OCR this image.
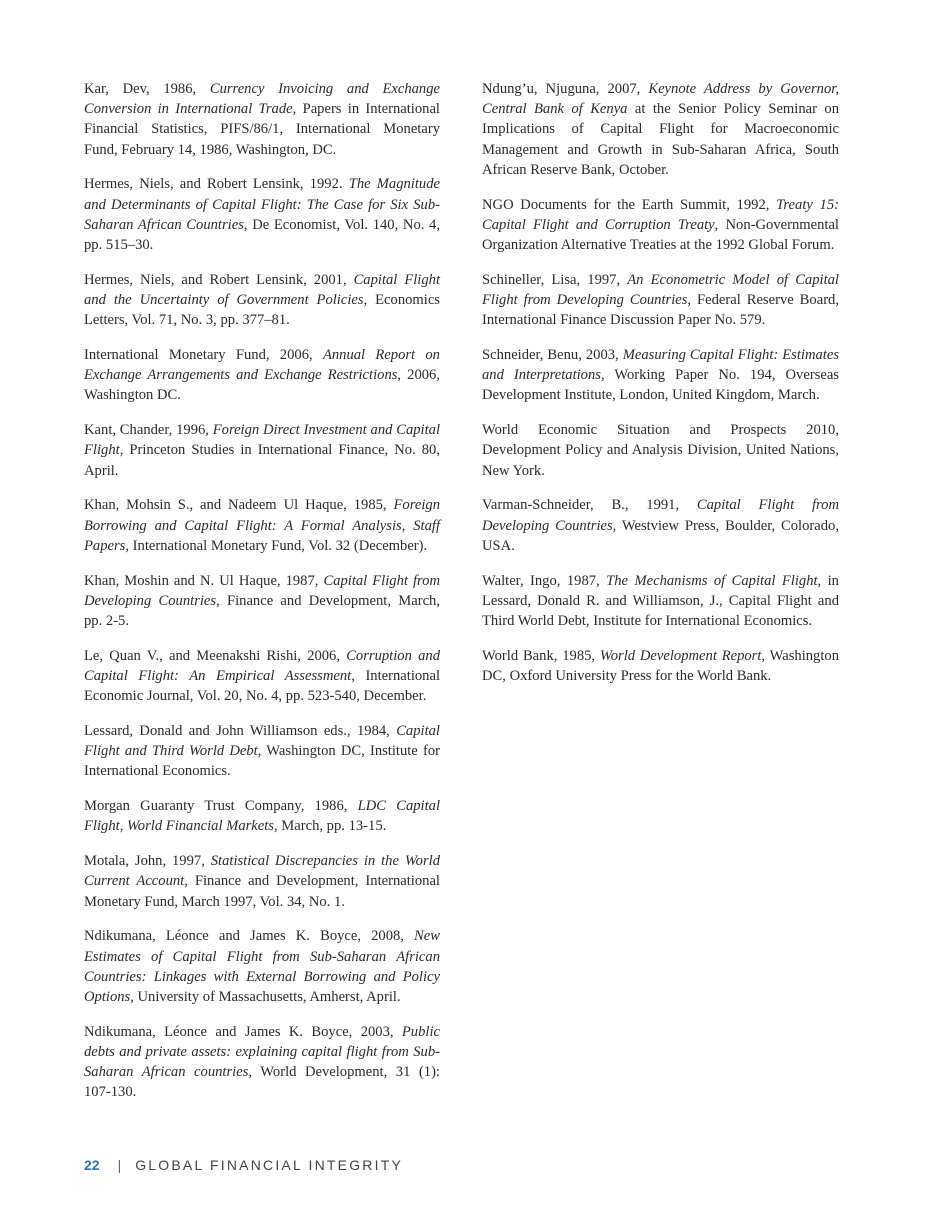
Kar, Dev, 1986, Currency Invoicing and Exchange Conversion in International Trade, Papers in International Financial Statistics, PIFS/86/1, International Monetary Fund, February 14, 1986, Washington, DC.

Hermes, Niels, and Robert Lensink, 1992. The Magnitude and Determinants of Capital Flight: The Case for Six Sub-Saharan African Countries, De Economist, Vol. 140, No. 4, pp. 515–30.

Hermes, Niels, and Robert Lensink, 2001, Capital Flight and the Uncertainty of Government Policies, Economics Letters, Vol. 71, No. 3, pp. 377–81.

International Monetary Fund, 2006, Annual Report on Exchange Arrangements and Exchange Restrictions, 2006, Washington DC.

Kant, Chander, 1996, Foreign Direct Investment and Capital Flight, Princeton Studies in International Finance, No. 80, April.

Khan, Mohsin S., and Nadeem Ul Haque, 1985, Foreign Borrowing and Capital Flight: A Formal Analysis, Staff Papers, International Monetary Fund, Vol. 32 (December).

Khan, Moshin and N. Ul Haque, 1987, Capital Flight from Developing Countries, Finance and Development, March, pp. 2-5.

Le, Quan V., and Meenakshi Rishi, 2006, Corruption and Capital Flight: An Empirical Assessment, International Economic Journal, Vol. 20, No. 4, pp. 523-540, December.

Lessard, Donald and John Williamson eds., 1984, Capital Flight and Third World Debt, Washington DC, Institute for International Economics.

Morgan Guaranty Trust Company, 1986, LDC Capital Flight, World Financial Markets, March, pp. 13-15.

Motala, John, 1997, Statistical Discrepancies in the World Current Account, Finance and Development, International Monetary Fund, March 1997, Vol. 34, No. 1.

Ndikumana, Léonce and James K. Boyce, 2008, New Estimates of Capital Flight from Sub-Saharan African Countries: Linkages with External Borrowing and Policy Options, University of Massachusetts, Amherst, April.

Ndikumana, Léonce and James K. Boyce, 2003, Public debts and private assets: explaining capital flight from Sub-Saharan African countries, World Development, 31 (1): 107-130.

Ndung’u, Njuguna, 2007, Keynote Address by Governor, Central Bank of Kenya at the Senior Policy Seminar on Implications of Capital Flight for Macroeconomic Management and Growth in Sub-Saharan Africa, South African Reserve Bank, October.

NGO Documents for the Earth Summit, 1992, Treaty 15: Capital Flight and Corruption Treaty, Non-Governmental Organization Alternative Treaties at the 1992 Global Forum.

Schineller, Lisa, 1997, An Econometric Model of Capital Flight from Developing Countries, Federal Reserve Board, International Finance Discussion Paper No. 579.

Schneider, Benu, 2003, Measuring Capital Flight: Estimates and Interpretations, Working Paper No. 194, Overseas Development Institute, London, United Kingdom, March.

World Economic Situation and Prospects 2010, Development Policy and Analysis Division, United Nations, New York.

Varman-Schneider, B., 1991, Capital Flight from Developing Countries, Westview Press, Boulder, Colorado, USA.

Walter, Ingo, 1987, The Mechanisms of Capital Flight, in Lessard, Donald R. and Williamson, J., Capital Flight and Third World Debt, Institute for International Economics.

World Bank, 1985, World Development Report, Washington DC, Oxford University Press for the World Bank.

22 | GLOBAL FINANCIAL INTEGRITY
